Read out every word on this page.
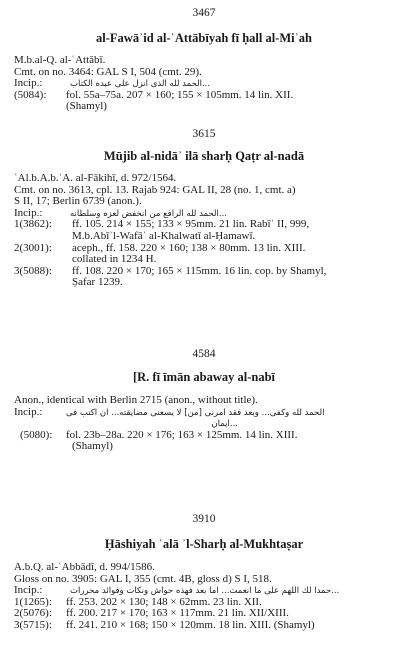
3467
al-Fawāʾid al-ʿAttābīyah fī ḥall al-Miʾah
M.b.al-Q. al-ʿAttābī.
Cmt. on no. 3464: GAL S I, 504 (cmt. 29).
Incip.:	الحمد لله الذى انزل على عبده الكتاب...
(5084): fol. 55a–75a. 207 × 160; 155 × 105mm. 14 lin. XII.
(Shamyl)
3615
Mūjib al-nidāʾ ilā sharḥ Qaṭr al-nadā
ʿAl.b.A.b.ʿA. al-Fākihī, d. 972/1564.
Cmt. on no. 3613, cpl. 13. Rajab 924: GAL II, 28 (no. 1, cmt. a)
S II, 17; Berlin 6739 (anon.).
Incip.:	الحمد لله الرافع من انخفض لعزه وسلطانه...
1(3862): ff. 105. 214 × 155; 133 × 95mm. 21 lin. Rabīʿ II, 999,
M.b.Abīʾl-Wafāʾ al-Khalwatī al-Ḥamawī.
2(3001): aceph., ff. 158. 220 × 160; 138 × 80mm. 13 lin. XIII.
collated in 1234 H.
3(5088): ff. 108. 220 × 170; 165 × 115mm. 16 lin. cop. by Shamyl,
Ṣafar 1239.
4584
[R. fī īmān abaway al-nabī
Anon., identical with Berlin 2715 (anon., without title).
Incip.:	الحمد لله وكفى... وبعد فقد امرنى [من] لا يسعنى مضايقته... ان اكتب فى
ايمان...
(5080): fol. 23b–28a. 220 × 176; 163 × 125mm. 14 lin. XIII.
(Shamyl)
3910
Ḥāshiyah ʿalā ʾl-Sharḥ al-Mukhtaṣar
A.b.Q. al-ʿAbbādī, d. 994/1586.
Gloss on no. 3905: GAL I, 355 (cmt. 4B, gloss d) S I, 518.
Incip.:	حمدا لك اللهم على ما انعمت... اما بعد فهذه حواش ونكات وفوائد محررات...
1(1265): ff. 253. 202 × 130; 148 × 62mm. 23 lin. XII.
2(5076): ff. 200. 217 × 170; 163 × 117mm. 21 lin. XII/XIII.
3(5715): ff. 241. 210 × 168; 150 × 120mm. 18 lin. XIII. (Shamyl)
